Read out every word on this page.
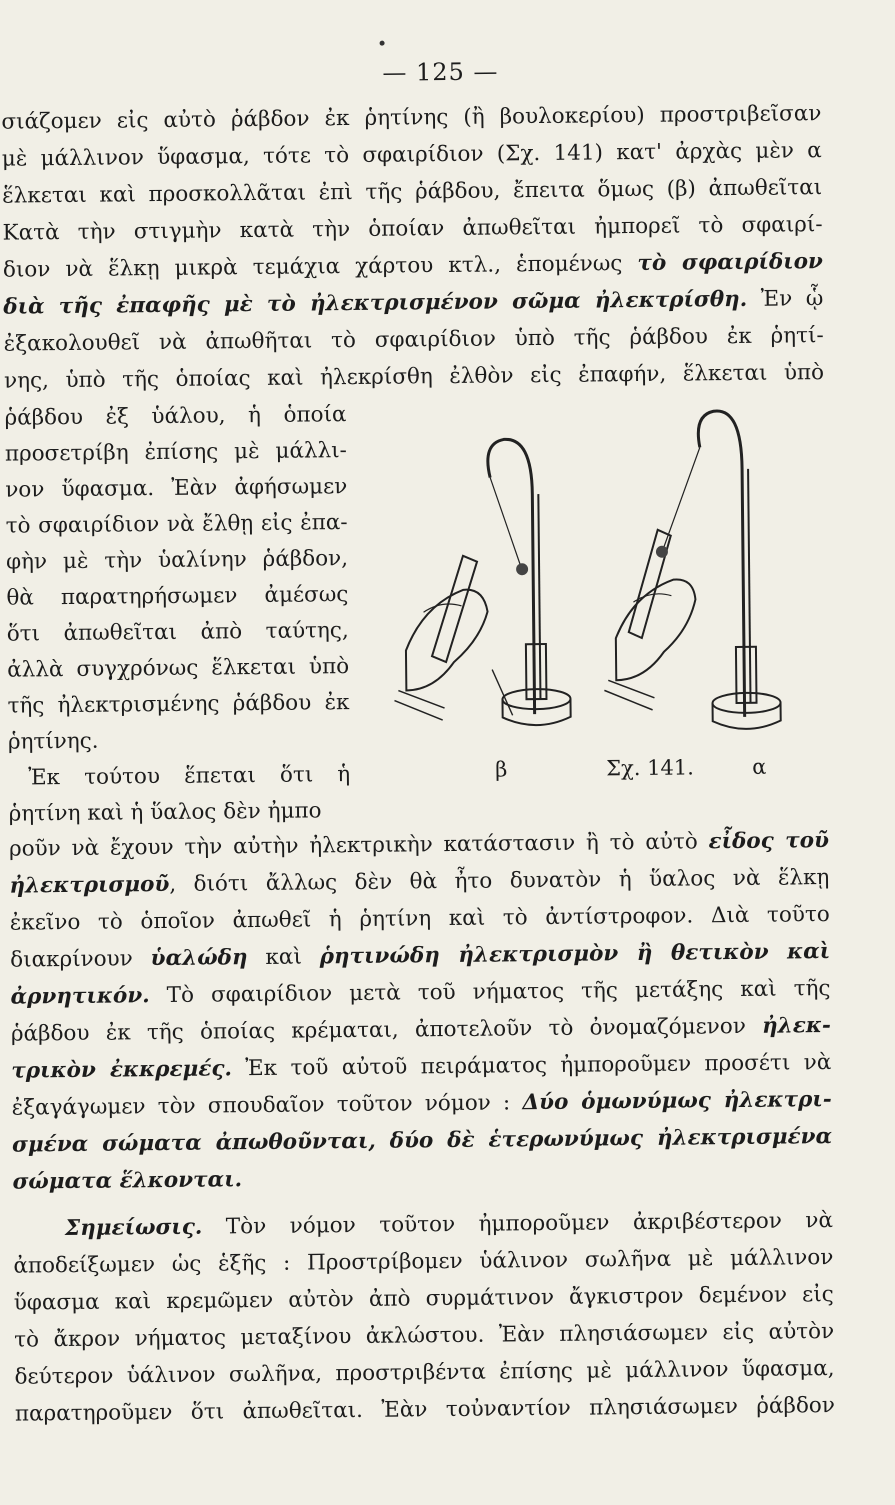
— 125 —
σιάζομεν εἰς αὐτὸ ῥάβδον ἐκ ῥητίνης (ἢ βουλοκερίου) προστριβεῖσαν
μὲ μάλλινον ὕφασμα, τότε τὸ σφαιρίδιον (Σχ. 141) κατ' ἀρχὰς μὲν α
ἕλκεται καὶ προσκολλᾶται ἐπὶ τῆς ῥάβδου, ἔπειτα ὅμως (β) ἀπωθεῖται
Κατὰ τὴν στιγμὴν κατὰ τὴν ὁποίαν ἀπωθεῖται ἠμπορεῖ τὸ σφαιρί-
διον νὰ ἕλκῃ μικρὰ τεμάχια χάρτου κτλ., ἑπομένως τὸ σφαιρίδιον
διὰ τῆς ἐπαφῆς μὲ τὸ ἠλεκτρισμένον σῶμα ἠλεκτρίσθη. Ἐν ᾧ
ἐξακολουθεῖ νὰ ἀπωθῆται τὸ σφαιρίδιον ὑπὸ τῆς ῥάβδου ἐκ ῥητί-
νης, ὑπὸ τῆς ὁποίας καὶ ἠλεκρίσθη ἐλθὸν εἰς ἐπαφήν, ἕλκεται ὑπὸ
ῥάβδου ἐξ ὑάλου, ἡ ὁποία
προσετρίβη ἐπίσης μὲ μάλλι-
νον ὕφασμα. Ἐὰν ἀφήσωμεν
τὸ σφαιρίδιον νὰ ἔλθῃ εἰς ἐπα-
φὴν μὲ τὴν ὑαλίνην ῥάβδον,
θὰ παρατηρήσωμεν ἀμέσως
ὅτι ἀπωθεῖται ἀπὸ ταύτης,
ἀλλὰ συγχρόνως ἕλκεται ὑπὸ
τῆς ἠλεκτρισμένης ῥάβδου ἐκ
ῥητίνης.
Ἐκ τούτου ἕπεται ὅτι ἡ
ῥητίνη καὶ ἡ ὕαλος δὲν ἠμπο
β	Σχ. 141.	α
ροῦν νὰ ἔχουν τὴν αὐτὴν ἠλεκτρικὴν κατάστασιν ἢ τὸ αὐτὸ εἶδος τοῦ
ἠλεκτρισμοῦ, διότι ἄλλως δὲν θὰ ἦτο δυνατὸν ἡ ὕαλος νὰ ἕλκῃ
ἐκεῖνο τὸ ὁποῖον ἀπωθεῖ ἡ ῥητίνη καὶ τὸ ἀντίστροφον. Διὰ τοῦτο
διακρίνουν ὑαλώδη καὶ ῥητινώδη ἠλεκτρισμὸν ἢ θετικὸν καὶ
ἀρνητικόν. Τὸ σφαιρίδιον μετὰ τοῦ νήματος τῆς μετάξης καὶ τῆς
ῥάβδου ἐκ τῆς ὁποίας κρέμαται, ἀποτελοῦν τὸ ὀνομαζόμενον ἠλεκ-
τρικὸν ἐκκρεμές. Ἐκ τοῦ αὐτοῦ πειράματος ἠμποροῦμεν προσέτι νὰ
ἐξαγάγωμεν τὸν σπουδαῖον τοῦτον νόμον : Δύο ὁμωνύμως ἠλεκτρι-
σμένα σώματα ἀπωθοῦνται, δύο δὲ ἑτερωνύμως ἠλεκτρισμένα
σώματα ἕλκονται.
Σημείωσις. Τὸν νόμον τοῦτον ἠμποροῦμεν ἀκριβέστερον νὰ
ἀποδείξωμεν ὡς ἑξῆς : Προστρίβομεν ὑάλινον σωλῆνα μὲ μάλλινον
ὕφασμα καὶ κρεμῶμεν αὐτὸν ἀπὸ συρμάτινον ἄγκιστρον δεμένον εἰς
τὸ ἄκρον νήματος μεταξίνου ἀκλώστου. Ἐὰν πλησιάσωμεν εἰς αὐτὸν
δεύτερον ὑάλινον σωλῆνα, προστριβέντα ἐπίσης μὲ μάλλινον ὕφασμα,
παρατηροῦμεν ὅτι ἀπωθεῖται. Ἐὰν τοὐναντίον πλησιάσωμεν ῥάβδον
